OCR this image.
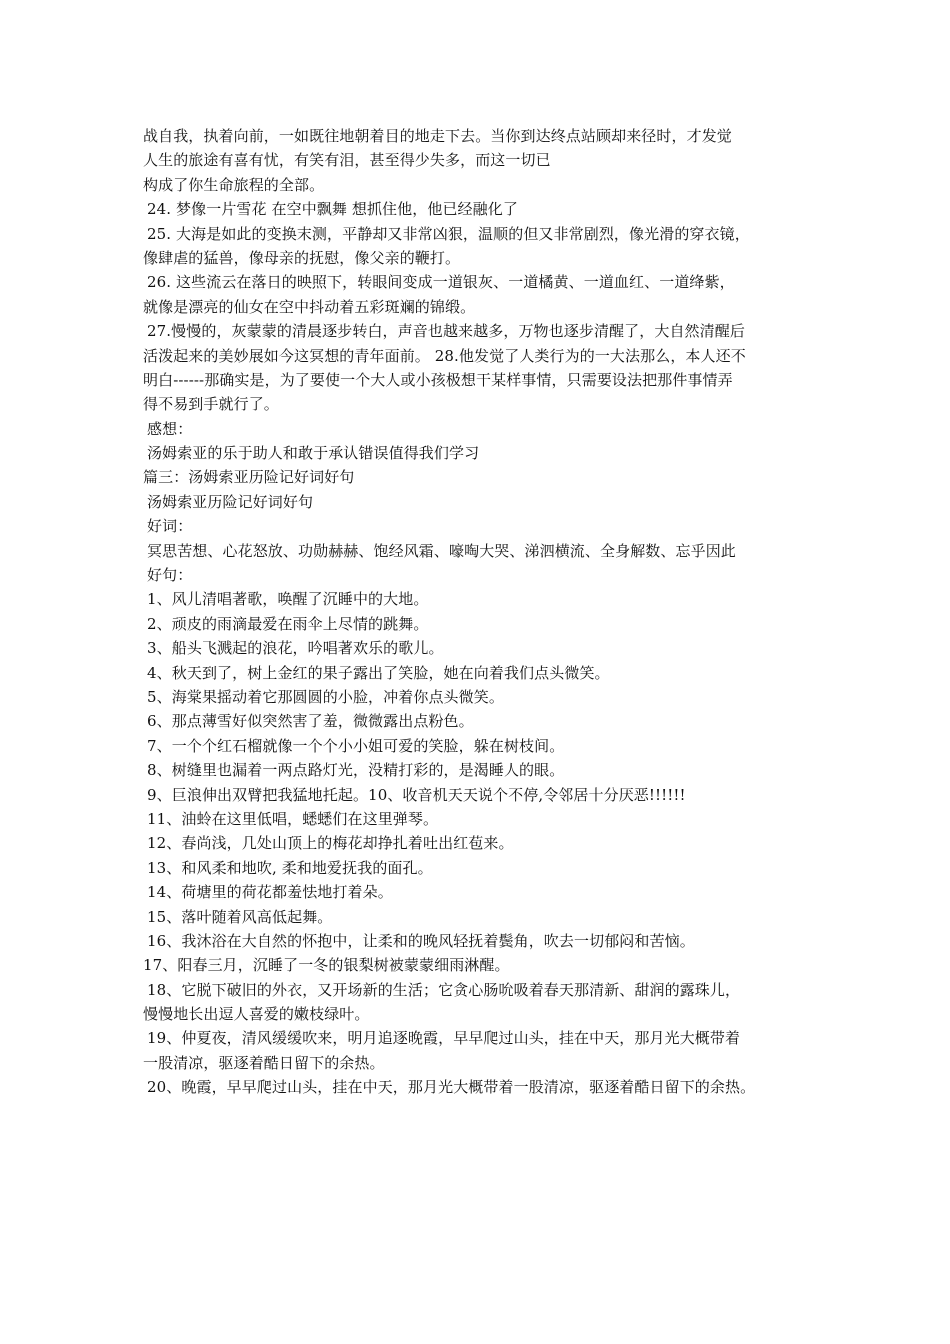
战自我，执着向前，一如既往地朝着目的地走下去。当你到达终点站顾却来径时，才发觉

人生的旅途有喜有忧，有笑有泪，甚至得少失多，而这一切已

构成了你生命旅程的全部。

24. 梦像一片雪花 在空中飘舞 想抓住他，他已经融化了

25. 大海是如此的变换末测，平静却又非常凶狠，温顺的但又非常剧烈，像光滑的穿衣镜，

像肆虐的猛兽，像母亲的抚慰，像父亲的鞭打。

26. 这些流云在落日的映照下，转眼间变成一道银灰、一道橘黄、一道血红、一道绛紫，

就像是漂亮的仙女在空中抖动着五彩斑斓的锦缎。

27.慢慢的，灰蒙蒙的清晨逐步转白，声音也越来越多，万物也逐步清醒了，大自然清醒后

活泼起来的美妙展如今这冥想的青年面前。 28.他发觉了人类行为的一大法那么，本人还不

明白------那确实是，为了要使一个大人或小孩极想干某样事情，只需要设法把那件事情弄

得不易到手就行了。

感想：

汤姆索亚的乐于助人和敢于承认错误值得我们学习

篇三：汤姆索亚历险记好词好句

汤姆索亚历险记好词好句

好词：

冥思苦想、心花怒放、功勋赫赫、饱经风霜、嚎啕大哭、涕泗横流、全身解数、忘乎因此

好句：

1、风儿清唱著歌，唤醒了沉睡中的大地。

2、顽皮的雨滴最爱在雨伞上尽情的跳舞。

3、船头飞溅起的浪花，吟唱著欢乐的歌儿。

4、秋天到了，树上金红的果子露出了笑脸，她在向着我们点头微笑。

5、海棠果摇动着它那圆圆的小脸，冲着你点头微笑。

6、那点薄雪好似突然害了羞，微微露出点粉色。

7、一个个红石榴就像一个个小小姐可爱的笑脸，躲在树枝间。

8、树缝里也漏着一两点路灯光，没精打彩的，是渴睡人的眼。

9、巨浪伸出双臂把我猛地托起。10、收音机天天说个不停,令邻居十分厌恶!!!!!!

11、油蛉在这里低唱，蟋蟋们在这里弹琴。

12、春尚浅，几处山顶上的梅花却挣扎着吐出红苞来。

13、和风柔和地吹, 柔和地爱抚我的面孔。

14、荷塘里的荷花都羞怯地打着朵。

15、落叶随着风高低起舞。

16、我沐浴在大自然的怀抱中，让柔和的晚风轻抚着鬓角，吹去一切郁闷和苦恼。

17、阳春三月，沉睡了一冬的银梨树被蒙蒙细雨淋醒。

18、它脱下破旧的外衣，又开场新的生活；它贪心肠吮吸着春天那清新、甜润的露珠儿，

慢慢地长出逗人喜爱的嫩枝绿叶。

19、仲夏夜，清风缓缓吹来，明月追逐晚霞，早早爬过山头，挂在中天，那月光大概带着

一股清凉，驱逐着酷日留下的余热。

20、晚霞，早早爬过山头，挂在中天，那月光大概带着一股清凉，驱逐着酷日留下的余热。
